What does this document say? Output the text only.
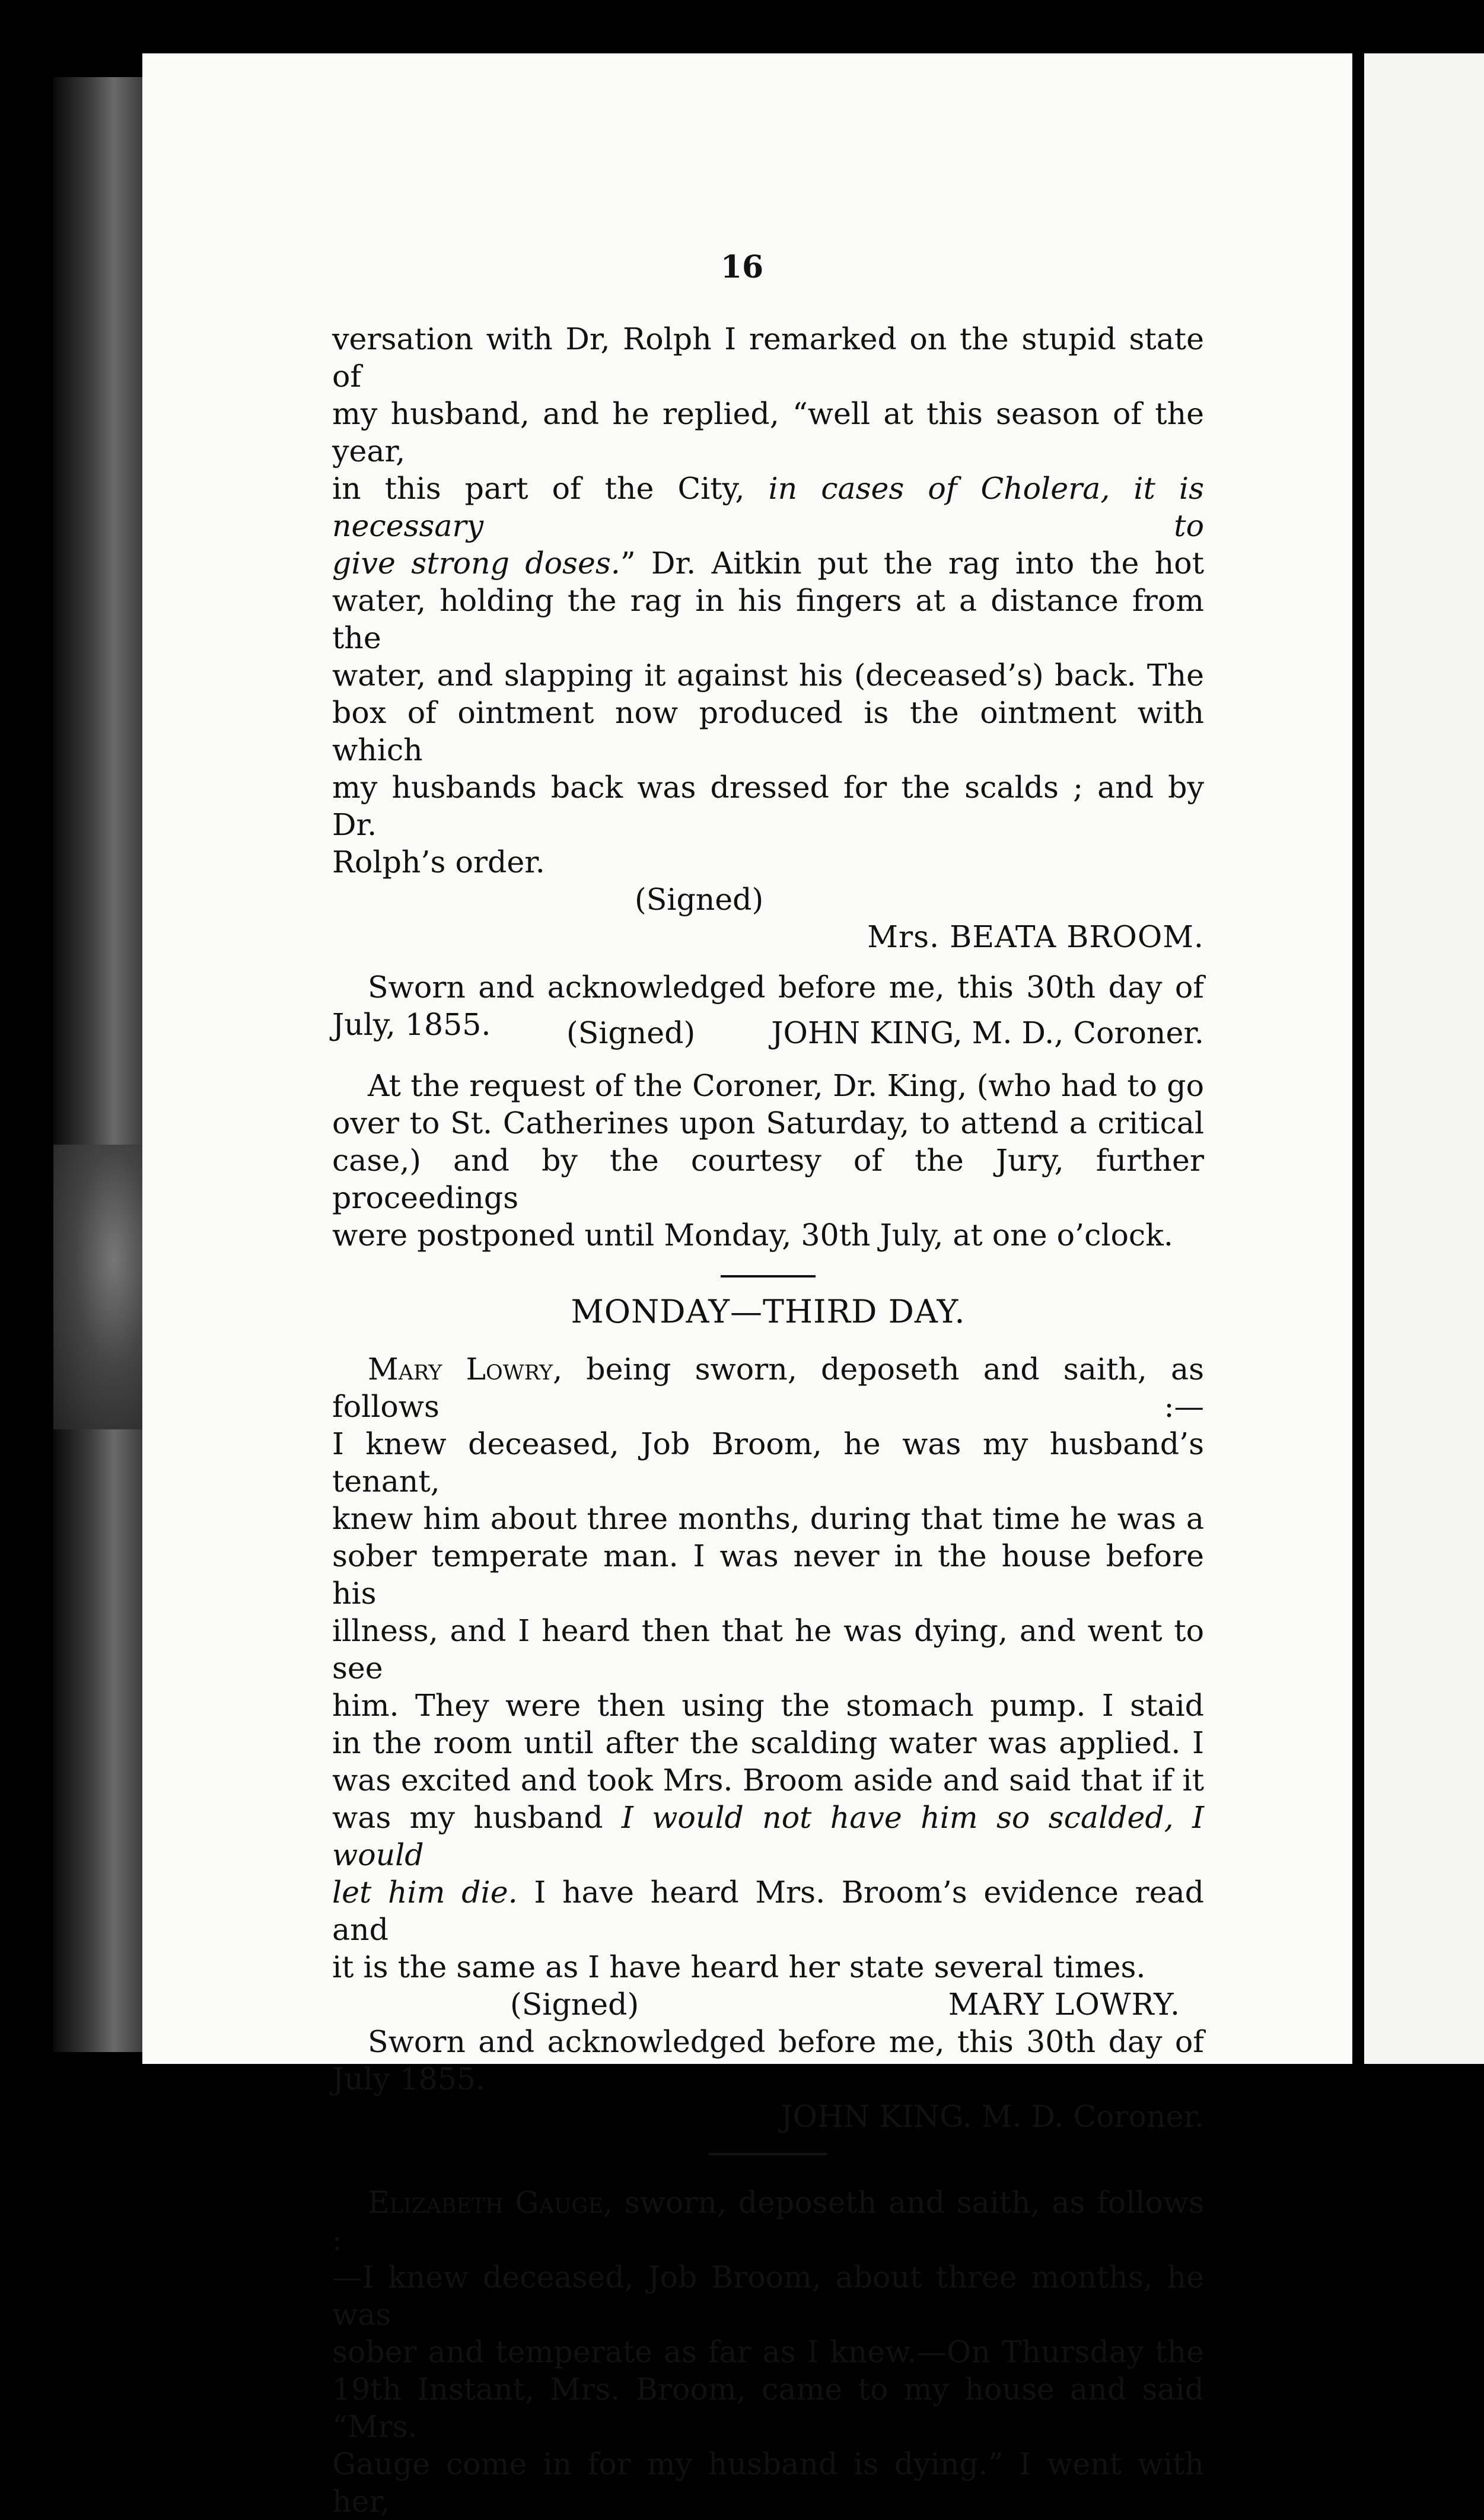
16

versation with Dr, Rolph I remarked on the stupid state of
my husband, and he replied, “well at this season of the year,
in this part of the City, in cases of Cholera, it is necessary to
give strong doses.” Dr. Aitkin put the rag into the hot
water, holding the rag in his fingers at a distance from the
water, and slapping it against his (deceased’s) back. The
box of ointment now produced is the ointment with which
my husbands back was dressed for the scalds ; and by Dr.
Rolph’s order.

(Signed)
Mrs. BEATA BROOM.

Sworn and acknowledged before me, this 30th day of

July, 1855.	(Signed)	JOHN KING, M. D., Coroner.

At the request of the Coroner, Dr. King, (who had to go
over to St. Catherines upon Saturday, to attend a critical
case,) and by the courtesy of the Jury, further proceedings
were postponed until Monday, 30th July, at one o’clock.

MONDAY—THIRD DAY.

Mary Lowry, being sworn, deposeth and saith, as follows :—
I knew deceased, Job Broom, he was my husband’s tenant,
knew him about three months, during that time he was a
sober temperate man. I was never in the house before his
illness, and I heard then that he was dying, and went to see
him. They were then using the stomach pump. I staid
in the room until after the scalding water was applied. I
was excited and took Mrs. Broom aside and said that if it
was my husband I would not have him so scalded, I would
let him die. I have heard Mrs. Broom’s evidence read and
it is the same as I have heard her state several times.

(Signed)	MARY LOWRY.

Sworn and acknowledged before me, this 30th day of
July 1855.

JOHN KING. M. D. Coroner.

Elizabeth Gauge, sworn, deposeth and saith, as follows :
—I knew deceased, Job Broom, about three months, he was
sober and temperate as far as I knew.—On Thursday the
19th Instant, Mrs. Broom, came to my house and said “Mrs.
Gauge come in for my husband is dying.” I went with her,
